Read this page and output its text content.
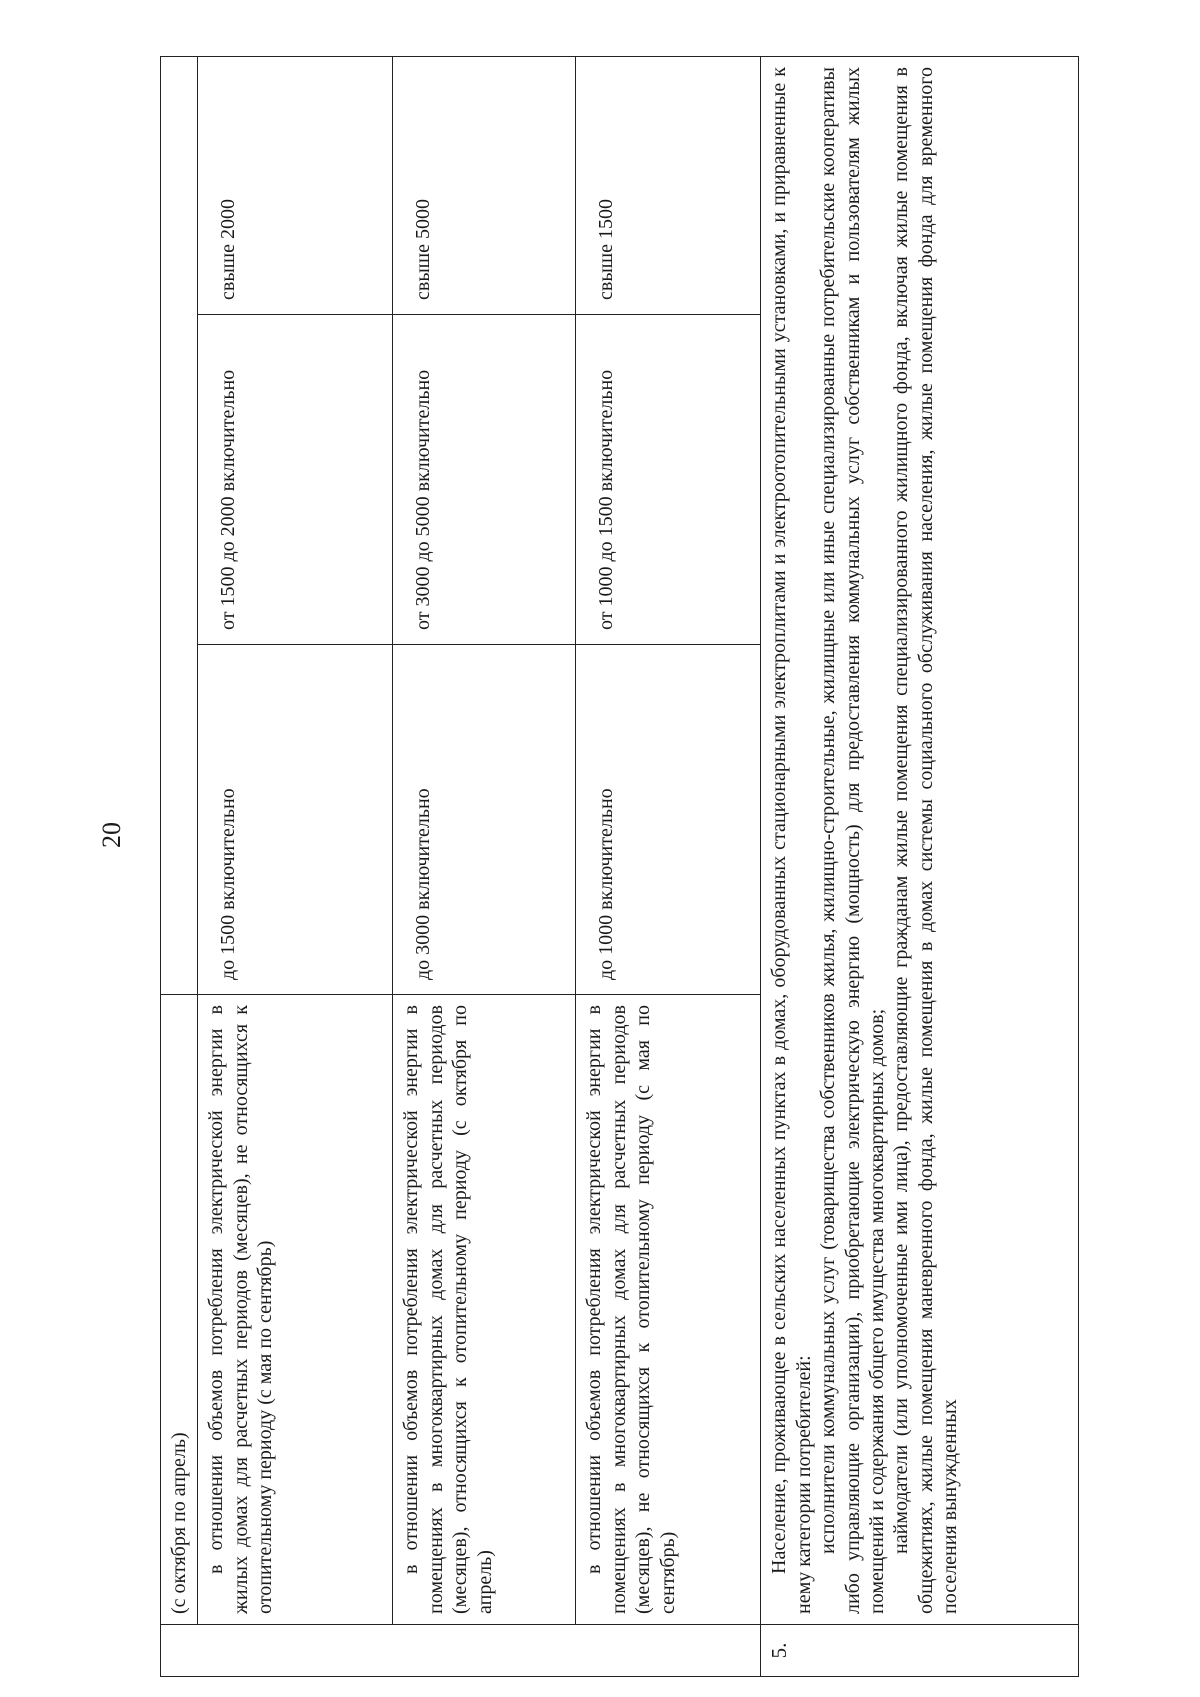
20
	(с октября по апрель)			
	в отношении объемов потребления электрической энергии в жилых домах для расчетных периодов (месяцев), не относящихся к отопительному периоду (с мая по сентябрь)	до 1500 включительно	от 1500 до 2000 включительно	свыше 2000
	в отношении объемов потребления электрической энергии в помещениях в многоквартирных домах для расчетных периодов (месяцев), относящихся к отопительному периоду (с октября по апрель)	до 3000 включительно	от 3000 до 5000 включительно	свыше 5000
	в отношении объемов потребления электрической энергии в помещениях в многоквартирных домах для расчетных периодов (месяцев), не относящихся к отопительному периоду (с мая по сентябрь)	до 1000 включительно	от 1000 до 1500 включительно	свыше 1500
5.	Население, проживающее в сельских населенных пунктах в домах, оборудованных стационарными электроплитами и электроотопительными установками, и приравненные к нему категории потребителей: исполнители коммунальных услуг (товарищества собственников жилья, жилищно-строительные, жилищные или иные специализированные потребительские кооперативы либо управляющие организации), приобретающие электрическую энергию (мощность) для предоставления коммунальных услуг собственникам и пользователям жилых помещений и содержания общего имущества многоквартирных домов; наймодатели (или уполномоченные ими лица), предоставляющие гражданам жилые помещения специализированного жилищного фонда, включая жилые помещения в общежитиях, жилые помещения маневренного фонда, жилые помещения в домах системы социального обслуживания населения, жилые помещения фонда для временного поселения вынужденных			
